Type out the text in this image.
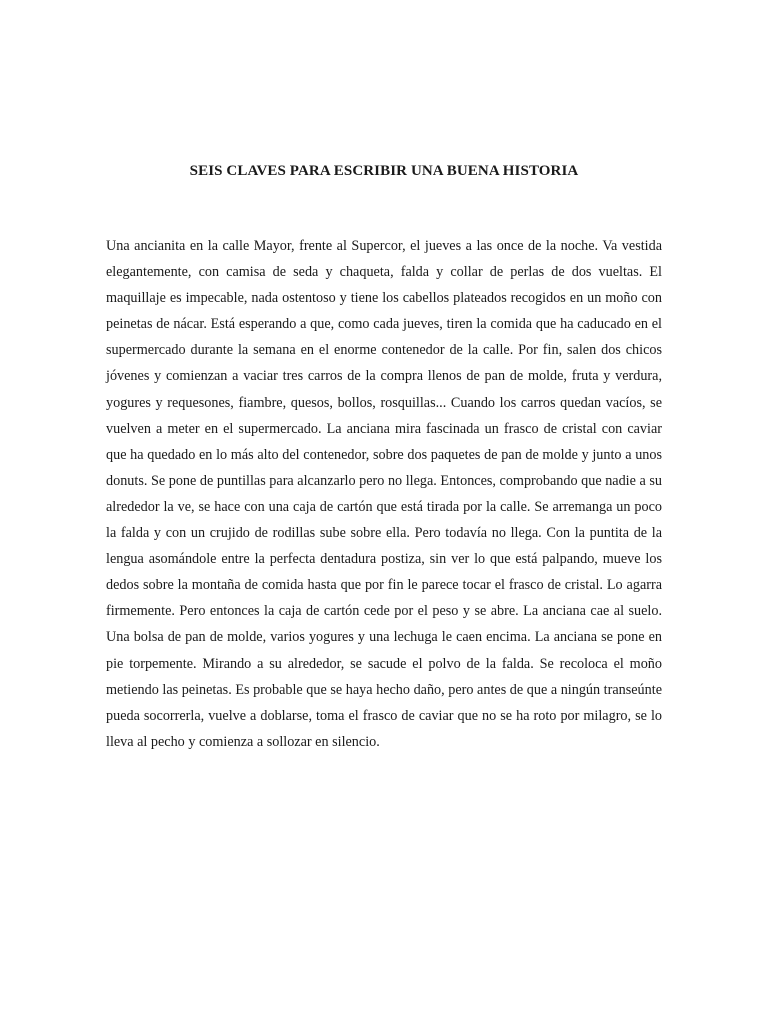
SEIS CLAVES PARA ESCRIBIR UNA BUENA HISTORIA

Una ancianita en la calle Mayor, frente al Supercor, el jueves a las once de la noche. Va vestida elegantemente, con camisa de seda y chaqueta, falda y collar de perlas de dos vueltas. El maquillaje es impecable, nada ostentoso y tiene los cabellos plateados recogidos en un moño con peinetas de nácar. Está esperando a que, como cada jueves, tiren la comida que ha caducado en el supermercado durante la semana en el enorme contenedor de la calle. Por fin, salen dos chicos jóvenes y comienzan a vaciar tres carros de la compra llenos de pan de molde, fruta y verdura, yogures y requesones, fiambre, quesos, bollos, rosquillas... Cuando los carros quedan vacíos, se vuelven a meter en el supermercado. La anciana mira fascinada un frasco de cristal con caviar que ha quedado en lo más alto del contenedor, sobre dos paquetes de pan de molde y junto a unos donuts. Se pone de puntillas para alcanzarlo pero no llega. Entonces, comprobando que nadie a su alrededor la ve, se hace con una caja de cartón que está tirada por la calle. Se arremanga un poco la falda y con un crujido de rodillas sube sobre ella. Pero todavía no llega. Con la puntita de la lengua asomándole entre la perfecta dentadura postiza, sin ver lo que está palpando, mueve los dedos sobre la montaña de comida hasta que por fin le parece tocar el frasco de cristal. Lo agarra firmemente. Pero entonces la caja de cartón cede por el peso y se abre. La anciana cae al suelo. Una bolsa de pan de molde, varios yogures y una lechuga le caen encima. La anciana se pone en pie torpemente. Mirando a su alrededor, se sacude el polvo de la falda. Se recoloca el moño metiendo las peinetas. Es probable que se haya hecho daño, pero antes de que a ningún transeúnte pueda socorrerla, vuelve a doblarse, toma el frasco de caviar que no se ha roto por milagro, se lo lleva al pecho y comienza a sollozar en silencio.
